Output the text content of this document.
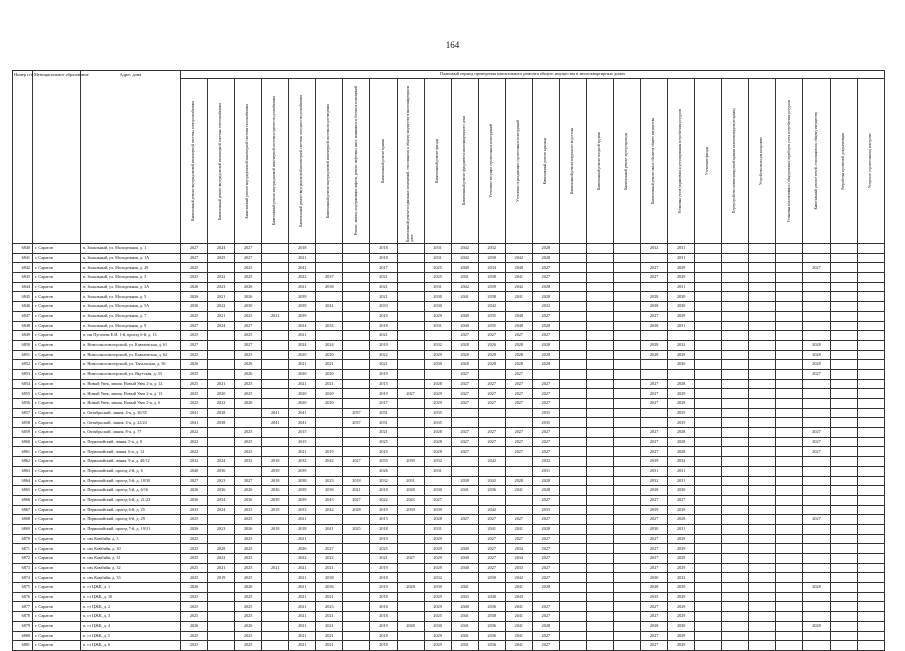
164
Номер п/п	Муниципальное образование	Адрес дома	Плановый период проведения капитального ремонта общего имущества в многоквартирных домах																									

			Капитальный ремонт внутридомовой инженерной системы электроснабжения	Капитальный ремонт внутридомовой инженерной системы теплоснабжения	Капитальный ремонт внутридомовой инженерной системы газоснабжения	Капитальный ремонт внутридомовой инженерной системы горячего водоснабжения	Капитальный ремонт внутридомовой инженерной системы холодного водоснабжения	Капитальный ремонт внутридомовой инженерной системы водоотведения	Ремонт, замена, модернизация лифтов, ремонт лифтовых шахт, машинных и блочных помещений	Капитальный ремонт крыши	Капитальный ремонт подвальных помещений, относящихся к общему имуществу в многоквартирном доме	Капитальный ремонт фасада	Капитальный ремонт фундамента многоквартирного дома	Утепление несущих строительных конструкций	Утепление ограждающих строительных конструкций	Капитальный ремонт крыльца	Капитальный ремонт наружного водостока	Капитальный ремонт входной группы	Капитальный ремонт мусоропровода	Капитальный ремонт иных объектов общего имущества	Установка узлов управления и регулирования потребления ресурсов	Утепление фасада	Переустройство невентилируемой крыши на вентилируемую крышу	Устройство выходов на кровлю	Установка коллективных (общедомовых) приборов учета потребления ресурсов	Капитальный ремонт печей, относящихся к общему имуществу	Разработка проектной документации	Услуги по строительному контролю

6840	г. Саратов	п. Зональный, ул. Молодежная, д. 1	2027	2024	2027		2018			2018		2031	2042	2032		2028				2032	2031							
6841	г. Саратов	п. Зональный, ул. Молодежная, д. 1А	2027	2025	2027		2021			2018		2031	2042	2039	2042	2028					2031							
6842	г. Саратов	п. Зональный, ул. Молодежная, д. 29	2025		2025		2041			2017		2025	2040	2034	2040	2027				2027	2029					2027		
6843	г. Саратов	п. Зональный, ул. Молодежная, д. 3	2025	2022	2025		2022	2037		2021		2025	2041	2038	2041	2027				2027	2029							
6844	г. Саратов	п. Зональный, ул. Молодежная, д. 3А	2026	2023	2026		2021	2038		2021		2031	2042	2039	2042	2028					2031							
6845	г. Саратов	п. Зональный, ул. Молодежная, д. 5	2026	2021	2026		2039			2021		2030	2041	2038	2041	2028				2028	2030							
6846	г. Саратов	п. Зональный, ул. Молодежная, д. 5А	2030	2022	2030		2039	2041		2033		2030		2042		2032				2038	2030							
6847	г. Саратов	п. Зональный, ул. Молодежная, д. 7	2025	2021	2025	2021	2039			2019		2029	2040	2035	2040	2027				2027	2029							
6848	г. Саратов	п. Зональный, ул. Молодежная, д. 9	2027	2024	2027		2024	2034		2018		2031	2040	2035	2040	2028				2028	2031							
6849	г. Саратов	п. им Пугачева Е.И. 1-й, проезд 6-й, д. 13	2025		2025		2021			2021			2027	2027	2027	2027												
6850	г. Саратов	п. Новосоколовогорский, ул. Кавтаевская, д. 61	2027		2027		2024	2024		2019		2032	2028	2026	2028	2028				2028	2032					2028		
6851	г. Саратов	п. Новосоколовогорский, ул. Кавтаевская, д. 62	2025		2025		2020	2020		2022		2029	2028	2028	2028	2028				2028	2029					2028		
6852	г. Саратов	п. Новосоколовогорский, ул. Тапальская, д. 56	2026		2026		2021	2021		2021		2030	2028	2028	2028	2028					2030					2028		
6853	г. Саратов	п. Новосоколовогорский, ул. Якутская, д. 33	2025		2026		2020	2020		2019			2027		2027											2027		
6854	г. Саратов	п. Новый Увек, линия. Новый Увек 2-я, д. 12	2025	2021	2025		2021	2021		2015		2028	2027	2027	2027	2027				2027	2028							
6855	г. Саратов	п. Новый Увек, линия. Новый Увек 2-я, д. 13	2025	2020	2025		2020	2020		2019	2027	2029	2027	2027	2027	2027				2027	2029							
6856	г. Саратов	п. Новый Увек, линия. Новый Увек 2-я, д. 6	2025	2022	2026		2020	2020		2017		2029	2027	2027	2027	2027				2027	2029							
6857	г. Саратов	п. Октябрьский, линия. 4-я, д. 20/35	2041	2038		2041	2041		2037	2031		2035				2035					2035							
6858	г. Саратов	п. Октябрьский, линия. 4-я, д. 22/24	2041	2038		2041	2041		2037	2031		2035				2035					2035							
6859	г. Саратов	п. Октябрьский, линия. 8-я, д. 77	2022		2025		2015			2021		2028	2027	2027	2027	2027				2027	2028					2027		
6860	г. Саратов	п. Первомайский, линия. 5-я, д. 8	2022		2025		2015			2025		2028	2027	2027	2027	2027				2027	2028					2027		
6861	г. Саратов	п. Первомайский, линия. 6-я, д. 12	2022		2025		2021	2019		2019		2028	2027		2027	2027				2027	2028					2027		
6862	г. Саратов	п. Первомайский, линия. 9-я, д. 40/12	2032	2024	2032	2018	2032	2042	2027	2035	2039	2032		2042		2032				2039	2032							
6863	г. Саратов	п. Первомайский, проезд 2-й, д. 6	2040	2036		2039	2039			2026		2031				2031				2031	2031							
6864	г. Саратов	п. Первомайский, проезд 5-й, д. 18/30	2027	2023	2027	2018	2038	2023	2018	2032	2031		2038	2042	2028	2028				2032	2031							
6865	г. Саратов	п. Первомайский, проезд 5-й, д. 6/16	2026	2036	2026	2036	2039	2036	2021	2018	2028	2030	2041	2036	2041	2028				2028	2030							
6866	г. Саратов	п. Первомайский, проезд 6-й, д. 21/23	2036	2034	2036	2039	2039	2043	2027	2022	2043	2027				2027				2027	2027							
6867	г. Саратов	п. Первомайский, проезд 6-й, д. 25	2033	2024	2033	2019	2033	2042	2028	2019	2039	2039		2042		2033				2039	2039							
6868	г. Саратов	п. Первомайский, проезд 6-й, д. 29	2025		2025		2021			2015		2028	2027	2027	2027	2027				2027	2028					2027		
6869	г. Саратов	п. Первомайский, проезд 7-й, д. 19/31	2026	2023	2026	2018	2018	2041	2025	2018		2031		2041	2041	2028				2030	2031							
6870	г. Саратов	п. свх Комбайн, д. 3	2025		2025		2021			2019		2029		2027	2027	2027				2027	2029							
6871	г. Саратов	п. свх Комбайн, д. 30	2025	2028	2025		2026	2027		2025		2029	2040	2027	2034	2027				2027	2029							
6872	г. Саратов	п. свх Комбайн, д. 31	2025	2022	2025		2022	2022		2021	2027	2029	2040	2027	2034	2027				2027	2029							
6873	г. Саратов	п. свх Комбайн, д. 32	2025	2021	2025	2021	2021	2021		2019		2029	2040	2027	2033	2027				2027	2029							
6874	г. Саратов	п. свх Комбайн, д. 33	2025	2019	2025		2021	2038		2018		2032		2039	2042	2027				2030	2032							
6875	г. Саратов	п. ст ЦЖК, д. 1	2026		2026		2021	2036		2019	2028	2030	2041		2041	2028				2028	2030					2028		
6876	г. Саратов	п. ст ЦЖК, д. 10	2025		2025		2021	2021		2018		2029	2043	2040	2043					2035	2029							
6877	г. Саратов	п. ст ЦЖК, д. 2	2025		2025		2021	2023		2018		2029	2040	2036	2041	2027				2027	2029							
6878	г. Саратов	п. ст ЦЖК, д. 3	2025		2025		2021	2021		2018		2025	2041	2038	2041	2027				2027	2029							
6879	г. Саратов	п. ст ЦЖК, д. 4	2026		2026		2021	2021		2019	2028	2030	2041	2036	2041	2028				2028	2030					2028		
6880	г. Саратов	п. ст ЦЖК, д. 5	2025		2025		2021	2021		2018		2029	2041	2036	2041	2027				2027	2029							
6881	г. Саратов	п. ст ЦЖК, д. 6	2025		2025		2021	2021		2018		2029	2041	2036	2041	2027				2027	2029							
